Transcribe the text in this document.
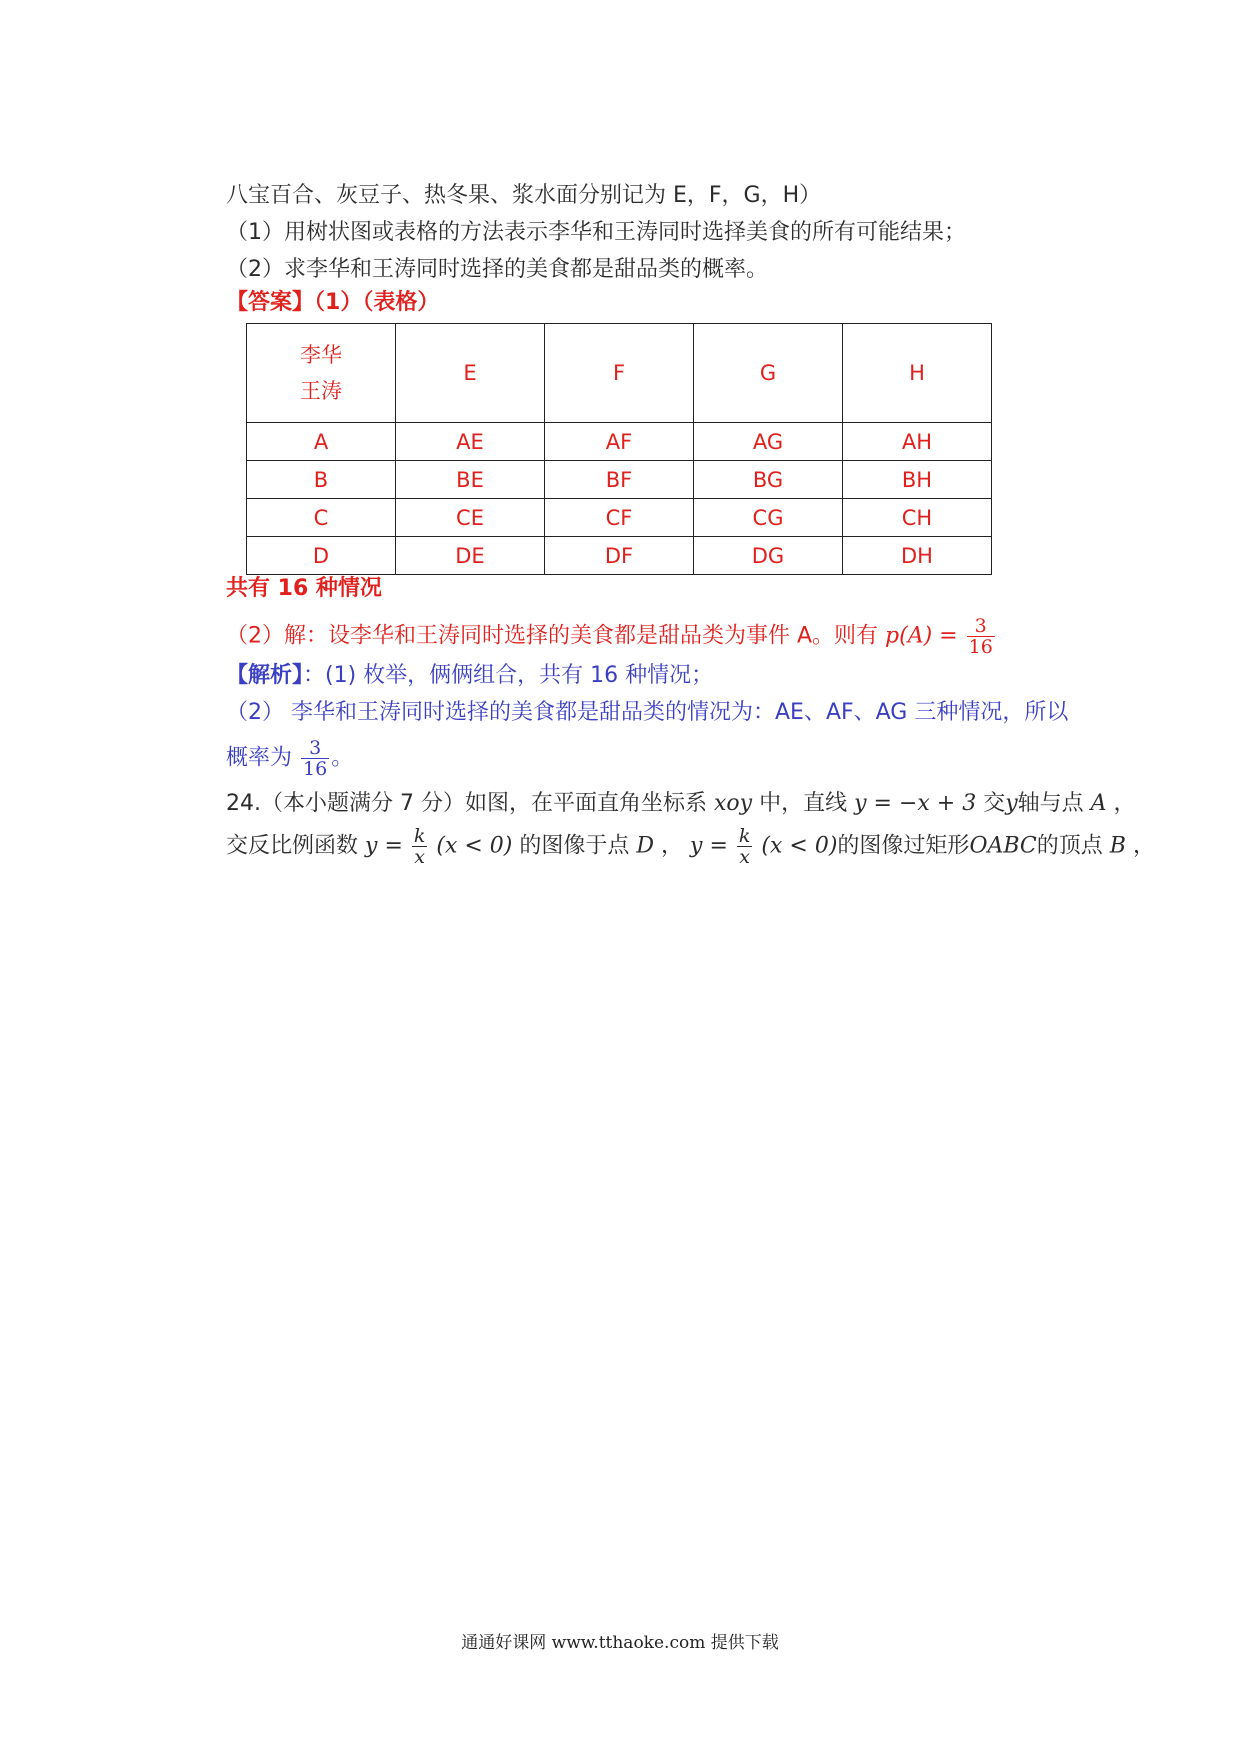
八宝百合、灰豆子、热冬果、浆水面分别记为 E，F，G，H）
（1）用树状图或表格的方法表示李华和王涛同时选择美食的所有可能结果；
（2）求李华和王涛同时选择的美食都是甜品类的概率。
【答案】（1）（表格）
李华
王涛	E	F	G	H
A	AE	AF	AG	AH
B	BE	BF	BG	BH
C	CE	CF	CG	CH
D	DE	DF	DG	DH
共有 16 种情况
（2）解：设李华和王涛同时选择的美食都是甜品类为事件 A。则有 $p(A) = \frac{3}{16}$
【解析】：(1) 枚举，俩俩组合，共有 16 种情况；
（2） 李华和王涛同时选择的美食都是甜品类的情况为：AE、AF、AG 三种情况，所以
概率为 $\frac{3}{16}$ 。
24.（本小题满分 7 分）如图，在平面直角坐标系 xoy 中，直线 y = −x + 3 交y轴与点 A ，
交反比例函数 $y = \frac{k}{x} (x < 0)$ 的图像于点 D ， $y = \frac{k}{x} (x < 0)$的图像过矩形OABC的顶点 B ，
通通好课网 www.tthaoke.com 提供下载
